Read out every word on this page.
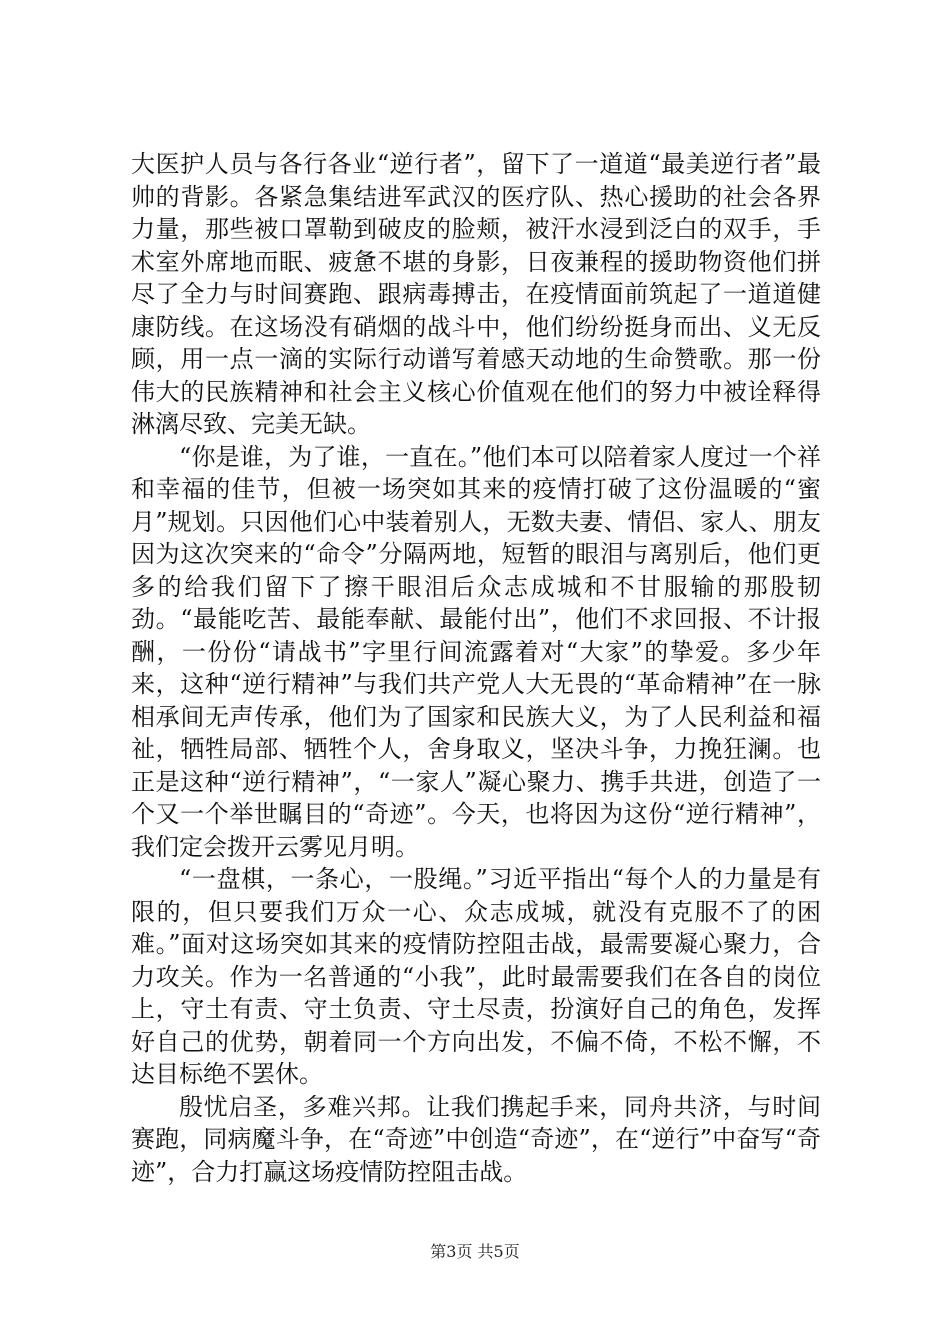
大医护人员与各行各业“逆行者”，留下了一道道“最美逆行者”最帅的背影。各紧急集结进军武汉的医疗队、热心援助的社会各界力量，那些被口罩勒到破皮的脸颊，被汗水浸到泛白的双手，手术室外席地而眠、疲惫不堪的身影，日夜兼程的援助物资他们拼尽了全力与时间赛跑、跟病毒搏击，在疫情面前筑起了一道道健康防线。在这场没有硝烟的战斗中，他们纷纷挺身而出、义无反顾，用一点一滴的实际行动谱写着感天动地的生命赞歌。那一份伟大的民族精神和社会主义核心价值观在他们的努力中被诠释得淋漓尽致、完美无缺。

“你是谁，为了谁，一直在。”他们本可以陪着家人度过一个祥和幸福的佳节，但被一场突如其来的疫情打破了这份温暖的“蜜月”规划。只因他们心中装着别人，无数夫妻、情侣、家人、朋友因为这次突来的“命令”分隔两地，短暂的眼泪与离别后，他们更多的给我们留下了擦干眼泪后众志成城和不甘服输的那股韧劲。“最能吃苦、最能奉献、最能付出”，他们不求回报、不计报酬，一份份“请战书”字里行间流露着对“大家”的挚爱。多少年来，这种“逆行精神”与我们共产党人大无畏的“革命精神”在一脉相承间无声传承，他们为了国家和民族大义，为了人民利益和福祉，牺牲局部、牺牲个人，舍身取义，坚决斗争，力挽狂澜。也正是这种“逆行精神”，“一家人”凝心聚力、携手共进，创造了一个又一个举世瞩目的“奇迹”。今天，也将因为这份“逆行精神”，我们定会拨开云雾见月明。

“一盘棋，一条心，一股绳。”习近平指出“每个人的力量是有限的，但只要我们万众一心、众志成城，就没有克服不了的困难。”面对这场突如其来的疫情防控阻击战，最需要凝心聚力，合力攻关。作为一名普通的“小我”，此时最需要我们在各自的岗位上，守土有责、守土负责、守土尽责，扮演好自己的角色，发挥好自己的优势，朝着同一个方向出发，不偏不倚，不松不懈，不达目标绝不罢休。

殷忧启圣，多难兴邦。让我们携起手来，同舟共济，与时间赛跑，同病魔斗争，在“奇迹”中创造“奇迹”，在“逆行”中奋写“奇迹”，合力打赢这场疫情防控阻击战。

第3页 共5页
